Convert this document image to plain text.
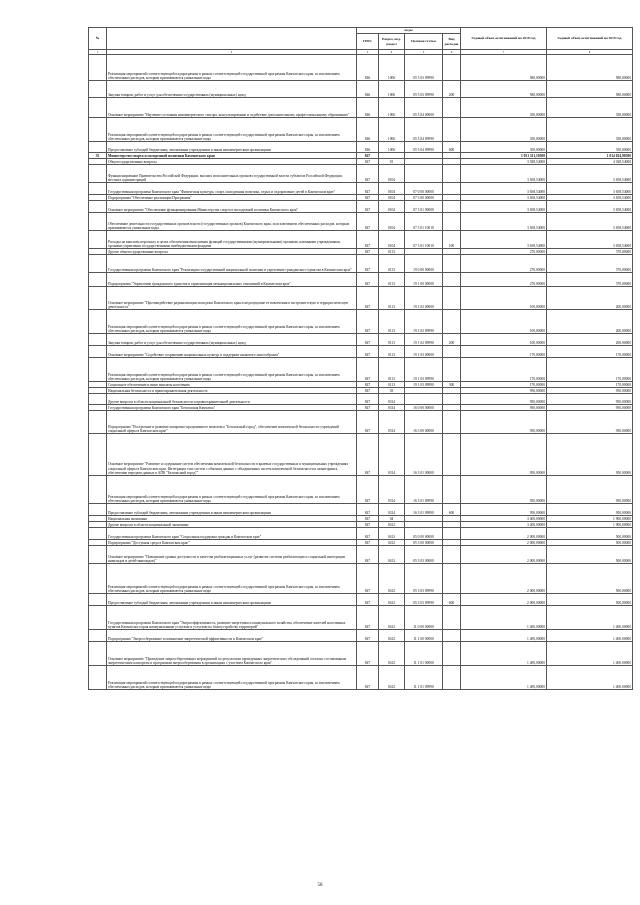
№		коды				Годовой объем ассигнований на 2018 год	Годовой объем ассигнований на 2019 год
		ГРБС	Раздел, под-раздел	Целевая статья	Вид расходов		
1	2	3	4	5	6	7	8
	Реализация мероприятий соответствующей подпрограммы в рамках соответствующей государственной программы Камчатского края, за исключением обеспеченных расходов, которым присваиваются уникальные коды	846	1006	05 5 03 09990		580,00000	580,00000
	Закупка товаров, работ и услуг для обеспечения государственных (муниципальных) нужд	846	1006	05 5 03 09990	200	580,00000	580,00000
	Основное мероприятие "Изучение состояния некоммерческого сектора, консультирование и содействие дополнительному профессиональному образованию"	846	1006	05 5 04 00000		350,00000	350,00000
	Реализация мероприятий соответствующей подпрограммы в рамках соответствующей государственной программы Камчатского края, за исключением обеспеченных расходов, которым присваиваются уникальные коды	846	1006	05 5 04 09990		350,00000	350,00000
	Предоставление субсидий бюджетным, автономным учреждениям и иным некоммерческим организациям	846	1006	05 5 04 09990	600	350,00000	350,00000
35	Министерство спорта и молодежной политики Камчатского края	847				1 051 311,19500	1 014 024,90500
	Общегосударственные вопросы	847	01			3 928,54000	4 028,54000
	Функционирование Правительства Российской Федерации, высших исполнительных органов государственной власти субъектов Российской Федерации, местных администраций	847	0104			3 658,54000	3 658,54000
	Государственная программа Камчатского края "Физическая культура, спорт, молодежная политика, отдых и оздоровление детей в Камчатском крае"	847	0104	07 0 00 00000		3 658,54000	3 658,54000
	Подпрограмма "Обеспечение реализации Программы"	847	0104	07 3 00 00000		3 658,54000	3 658,54000
	Основное мероприятие "Обеспечение функционирования Министерства спорта и молодежной политики Камчатского края"	847	0104	07 3 01 00000		3 658,54000	3 658,54000
	Обеспечение деятельности государственных органов власти (государственных органов) Камчатского края, за исключением обеспеченных расходов, которым присваиваются уникальные коды	847	0104	07 3 01 10010		3 658,54000	3 658,54000
	Расходы на выплаты персоналу в целях обеспечения выполнения функций государственными (муниципальными) органами, казенными учреждениями, органами управления государственными внебюджетными фондами	847	0104	07 3 01 10010	100	3 658,54000	3 658,54000
	Другие общегосударственные вопросы	847	0113			270,00000	370,00000
	Государственная программа Камчатского края "Реализация государственной национальной политики и укрепление гражданского единства в Камчатском крае"	847	0113	19 0 00 00000		270,00000	370,00000
	Подпрограмма "Укрепление гражданского единства и гармонизация межнациональных отношений в Камчатском крае"	847	0113	19 1 00 00000		270,00000	370,00000
	Основное мероприятие "Противодействие радикализации молодежи Камчатского края и недопущение ее вовлечения в экстремистскую и террористическую деятельность"	847	0113	19 1 02 00000		100,00000	200,00000
	Реализация мероприятий соответствующей подпрограммы в рамках соответствующей государственной программы Камчатского края, за исключением обеспеченных расходов, которым присваиваются уникальные коды	847	0113	19 1 02 09990		100,00000	200,00000
	Закупка товаров, работ и услуг для обеспечения государственных (муниципальных) нужд	847	0113	19 1 02 09990	200	100,00000	200,00000
	Основное мероприятие "Содействие сохранению национальных культур и поддержке языкового многообразия"	847	0113	19 1 03 00000		170,00000	170,00000
	Реализация мероприятий соответствующей подпрограммы в рамках соответствующей государственной программы Камчатского края, за исключением обеспеченных расходов, которым присваиваются уникальные коды	847	0113	19 1 03 09990		170,00000	170,00000
	Социальное обеспечение и иные выплаты населению	847	0113	19 1 03 09990	300	170,00000	170,00000
	Национальная безопасность и правоохранительная деятельность	847	03			950,00000	950,00000
	Другие вопросы в области национальной безопасности и правоохранительной деятельности	847	0314			950,00000	950,00000
	Государственная программа Камчатского края "Безопасная Камчатка"	847	0314	16 0 00 00000		950,00000	950,00000
	Подпрограмма "Построение и развитие аппаратно-программного комплекса "Безопасный город", обеспечение комплексной безопасности учреждений социальной сферы в Камчатском крае"	847	0314	16 3 00 00000		950,00000	950,00000
	Основное мероприятие "Развитие и содержание систем обеспечения комплексной безопасности в краевых государственных и муниципальных учреждениях социальной сферы в Камчатском крае. Интеграция этих систем с обменом данных с объединенных систем комплексной безопасности и мониторинга, обеспечение передачи данных в АПК "Безопасный город""	847	0314	16 3 01 00000		950,00000	950,00000
	Реализация мероприятий соответствующей подпрограммы в рамках соответствующей государственной программы Камчатского края, за исключением обеспеченных расходов, которым присваиваются уникальные коды	847	0314	16 3 01 09990		950,00000	950,00000
	Предоставление субсидий бюджетным, автономным учреждениям и иным некоммерческим организациям	847	0314	16 3 01 09990	600	950,00000	950,00000
	Национальная экономика	847	04			3 400,00000	1 900,00000
	Другие вопросы в области национальной экономики	847	0412			3 400,00000	1 900,00000
	Государственная программа Камчатского края "Социальная поддержка граждан в Камчатском крае"	847	0412	05 0 00 00000		2 000,00000	500,00000
	Подпрограмма "Доступная среда в Камчатском крае"	847	0412	05 3 00 00000		2 000,00000	500,00000
	Основное мероприятие "Повышение уровня доступности и качества реабилитационных услуг (развитие системы реабилитации и социальной интеграции инвалидов и детей-инвалидов)"	847	0412	05 3 03 00000		2 000,00000	500,00000
	Реализация мероприятий соответствующей подпрограммы в рамках соответствующей государственной программы Камчатского края, за исключением обеспеченных расходов, которым присваиваются уникальные коды	847	0412	05 3 03 09990		2 000,00000	500,00000
	Предоставление субсидий бюджетным, автономным учреждениям и иным некоммерческим организациям	847	0412	05 3 03 09990	600	2 000,00000	500,00000
	Государственная программа Камчатского края "Энергоэффективность, развитие энергетики и коммунального хозяйства, обеспечение жителей населенных пунктов Камчатского края коммунальными услугами и услугами по благоустройству территорий"	847	0412	11 0 00 00000		1 400,00000	1 400,00000
	Подпрограмма "Энергосбережение и повышение энергетической эффективности в Камчатском крае"	847	0412	11 1 00 00000		1 400,00000	1 400,00000
	Основное мероприятие "Проведение энергосберегающих мероприятий по результатам проведенных энергетических обследований согласно составленным энергетическим паспортам и программам энергосбережения в организациях с участием Камчатского края"	847	0412	11 1 01 00000		1 400,00000	1 400,00000
	Реализация мероприятий соответствующей подпрограммы в рамках соответствующей государственной программы Камчатского края, за исключением обеспеченных расходов, которым присваиваются уникальные коды	847	0412	11 1 01 09990		1 400,00000	1 400,00000
58
